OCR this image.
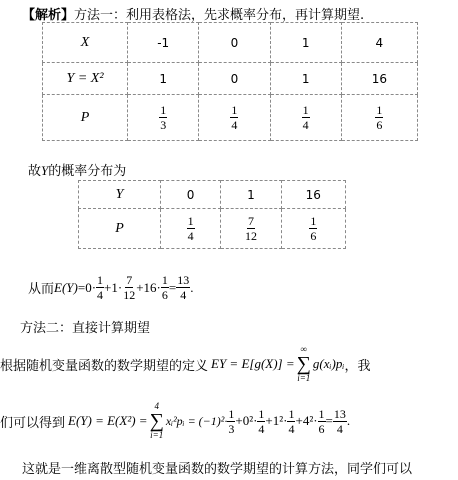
【解析】方法一：利用表格法，先求概率分布，再计算期望.
X	-1	0	1	4
Y = X²	1	0	1	16
P	$\frac{1}{3}$	$\frac{1}{4}$	$\frac{1}{4}$	$\frac{1}{6}$
故Y的概率分布为
Y	0	1	16
P	$\frac{1}{4}$	$\frac{7}{12}$	$\frac{1}{6}$
从而 $E(Y) =0\cdot \frac{1}{4} +1\cdot \frac{7}{12} +16\cdot \frac{1}{6} = \frac{13}{4}$ .
方法二：直接计算期望
根据随机变量函数的数学期望的定义 EY = E[g(X)] =
∞
∑
i=1
g(xᵢ)pᵢ ，我
们可以得到 E(Y) = E(X²) =
4
∑
i=1
xᵢ²pᵢ = $(-1)^2\cdot \frac{1}{3} +0^2\cdot \frac{1}{4} +1^2\cdot \frac{1}{4} +4^2\cdot \frac{1}{6} = \frac{13}{4}$ .
这就是一维离散型随机变量函数的数学期望的计算方法，同学们可以
